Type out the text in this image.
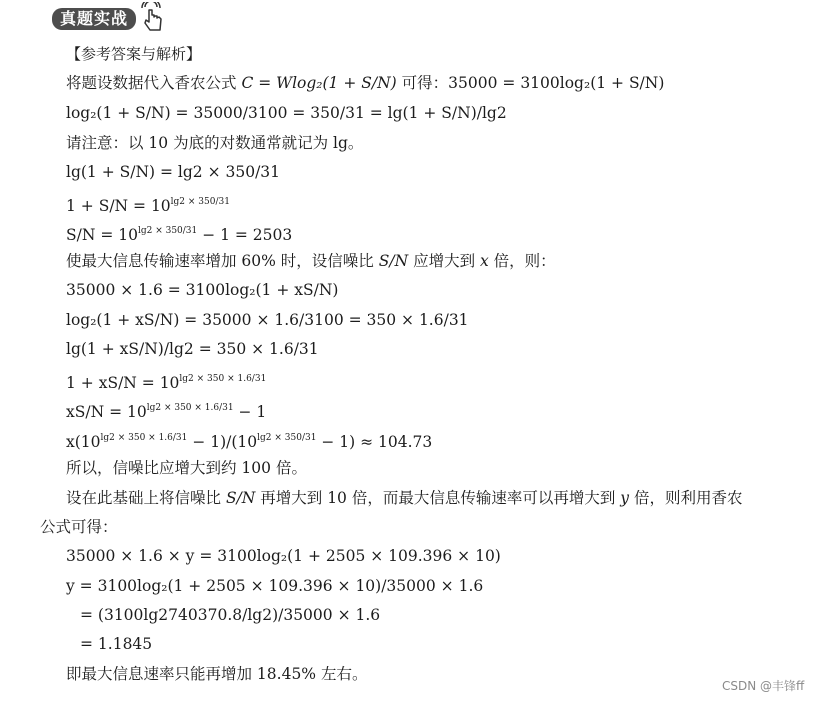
真题实战
【参考答案与解析】
将题设数据代入香农公式 C = Wlog₂(1 + S/N) 可得：35000 = 3100log₂(1 + S/N)
log₂(1 + S/N) = 35000/3100 = 350/31 = lg(1 + S/N)/lg2
请注意：以 10 为底的对数通常就记为 lg。
lg(1 + S/N) = lg2 × 350/31
$1 + S/N = 10^{lg2 \times 350/31}$
$S/N = 10^{lg2 \times 350/31} - 1 = 2503$
使最大信息传输速率增加 60% 时，设信噪比 S/N 应增大到 x 倍，则：
35000 × 1.6 = 3100log₂(1 + xS/N)
log₂(1 + xS/N) = 35000 × 1.6/3100 = 350 × 1.6/31
lg(1 + xS/N)/lg2 = 350 × 1.6/31
$1 + xS/N = 10^{lg2 \times 350 \times 1.6/31}$
$xS/N = 10^{lg2 \times 350 \times 1.6/31} - 1$
$x(10^{lg2 \times 350 \times 1.6/31} - 1)/(10^{lg2 \times 350/31} - 1) \approx 104.73$
所以，信噪比应增大到约 100 倍。
设在此基础上将信噪比 S/N 再增大到 10 倍，而最大信息传输速率可以再增大到 y 倍，则利用香农
公式可得：
35000 × 1.6 × y = 3100log₂(1 + 2505 × 109.396 × 10)
y = 3100log₂(1 + 2505 × 109.396 × 10)/35000 × 1.6
= (3100lg2740370.8/lg2)/35000 × 1.6
= 1.1845
即最大信息速率只能再增加 18.45% 左右。
CSDN @丰锋ff
